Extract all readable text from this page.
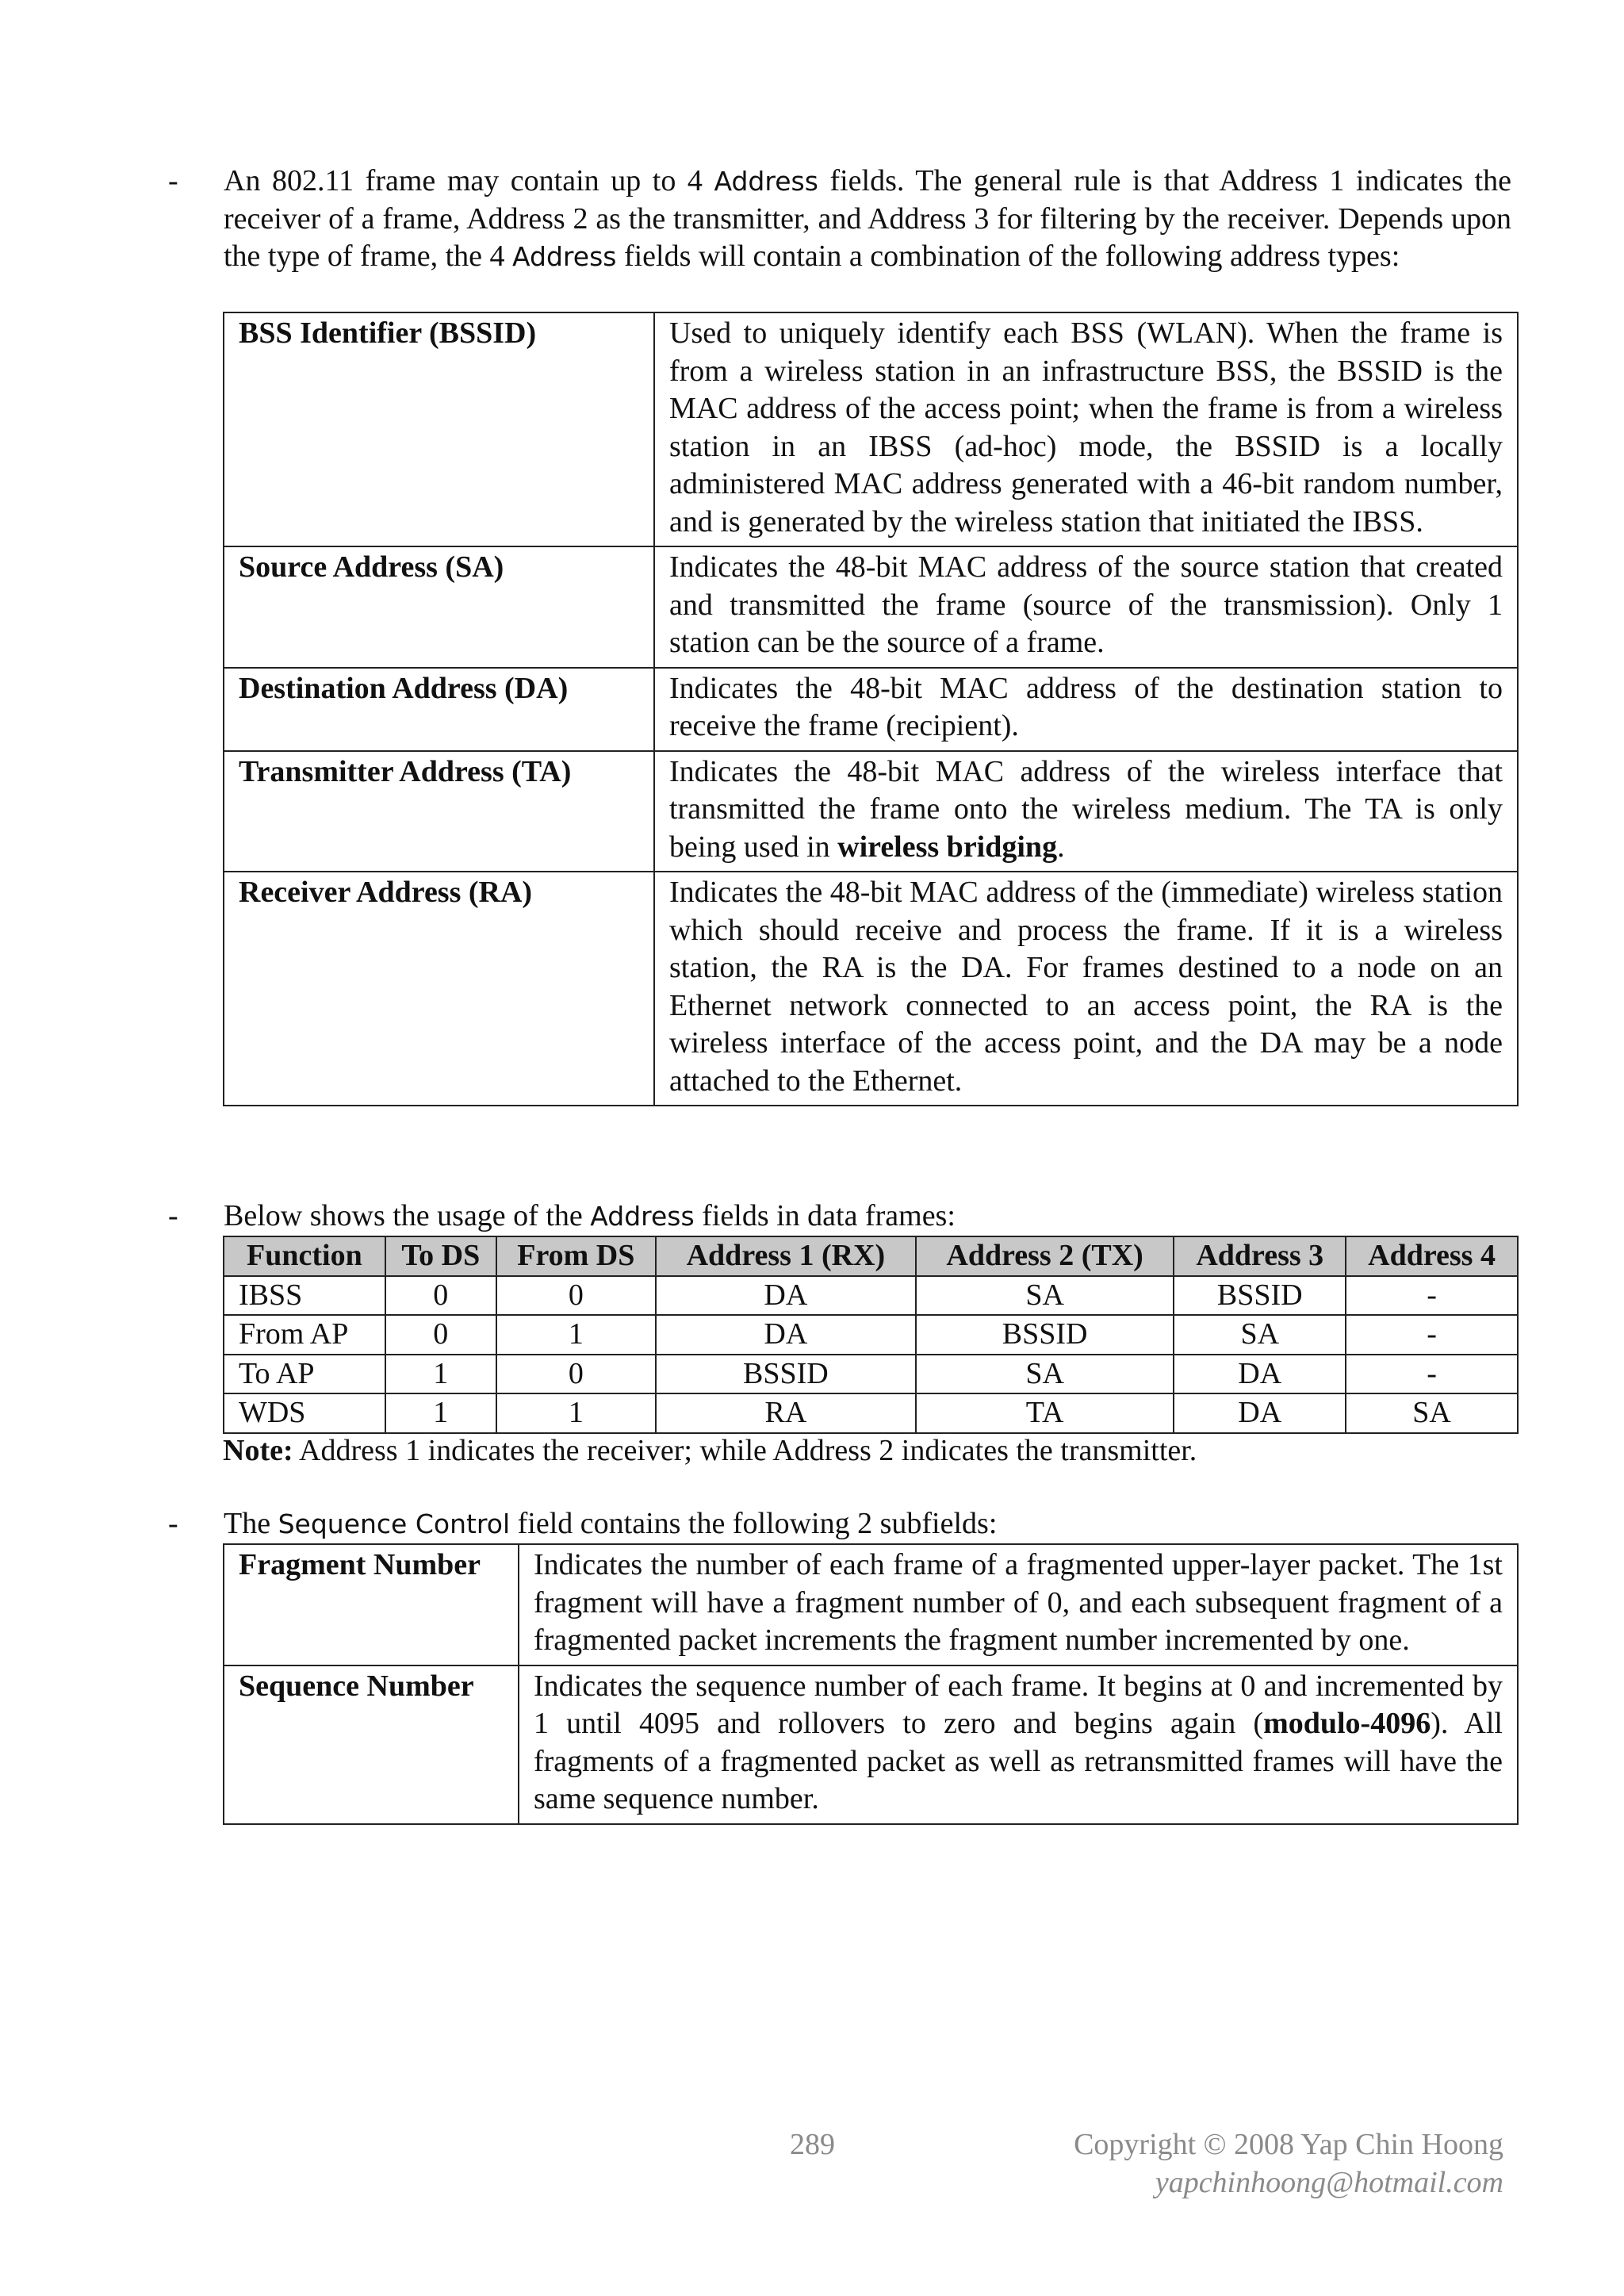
- An 802.11 frame may contain up to 4 Address fields. The general rule is that Address 1 indicates the receiver of a frame, Address 2 as the transmitter, and Address 3 for filtering by the receiver. Depends upon the type of frame, the 4 Address fields will contain a combination of the following address types:
BSS Identifier (BSSID)	Used to uniquely identify each BSS (WLAN). When the frame is from a wireless station in an infrastructure BSS, the BSSID is the MAC address of the access point; when the frame is from a wireless station in an IBSS (ad-hoc) mode, the BSSID is a locally administered MAC address generated with a 46-bit random number, and is generated by the wireless station that initiated the IBSS.
Source Address (SA)	Indicates the 48-bit MAC address of the source station that created and transmitted the frame (source of the transmission). Only 1 station can be the source of a frame.
Destination Address (DA)	Indicates the 48-bit MAC address of the destination station to receive the frame (recipient).
Transmitter Address (TA)	Indicates the 48-bit MAC address of the wireless interface that transmitted the frame onto the wireless medium. The TA is only being used in wireless bridging.
Receiver Address (RA)	Indicates the 48-bit MAC address of the (immediate) wireless station which should receive and process the frame. If it is a wireless station, the RA is the DA. For frames destined to a node on an Ethernet network connected to an access point, the RA is the wireless interface of the access point, and the DA may be a node attached to the Ethernet.
- Below shows the usage of the Address fields in data frames:
Function	To DS	From DS	Address 1 (RX)	Address 2 (TX)	Address 3	Address 4
IBSS	0	0	DA	SA	BSSID	-
From AP	0	1	DA	BSSID	SA	-
To AP	1	0	BSSID	SA	DA	-
WDS	1	1	RA	TA	DA	SA
Note: Address 1 indicates the receiver; while Address 2 indicates the transmitter.
- The Sequence Control field contains the following 2 subfields:
Fragment Number	Indicates the number of each frame of a fragmented upper-layer packet. The 1st fragment will have a fragment number of 0, and each subsequent fragment of a fragmented packet increments the fragment number incremented by one.
Sequence Number	Indicates the sequence number of each frame. It begins at 0 and incremented by 1 until 4095 and rollovers to zero and begins again (modulo-4096). All fragments of a fragmented packet as well as retransmitted frames will have the same sequence number.
289	Copyright © 2008 Yap Chin Hoong
yapchinhoong@hotmail.com
